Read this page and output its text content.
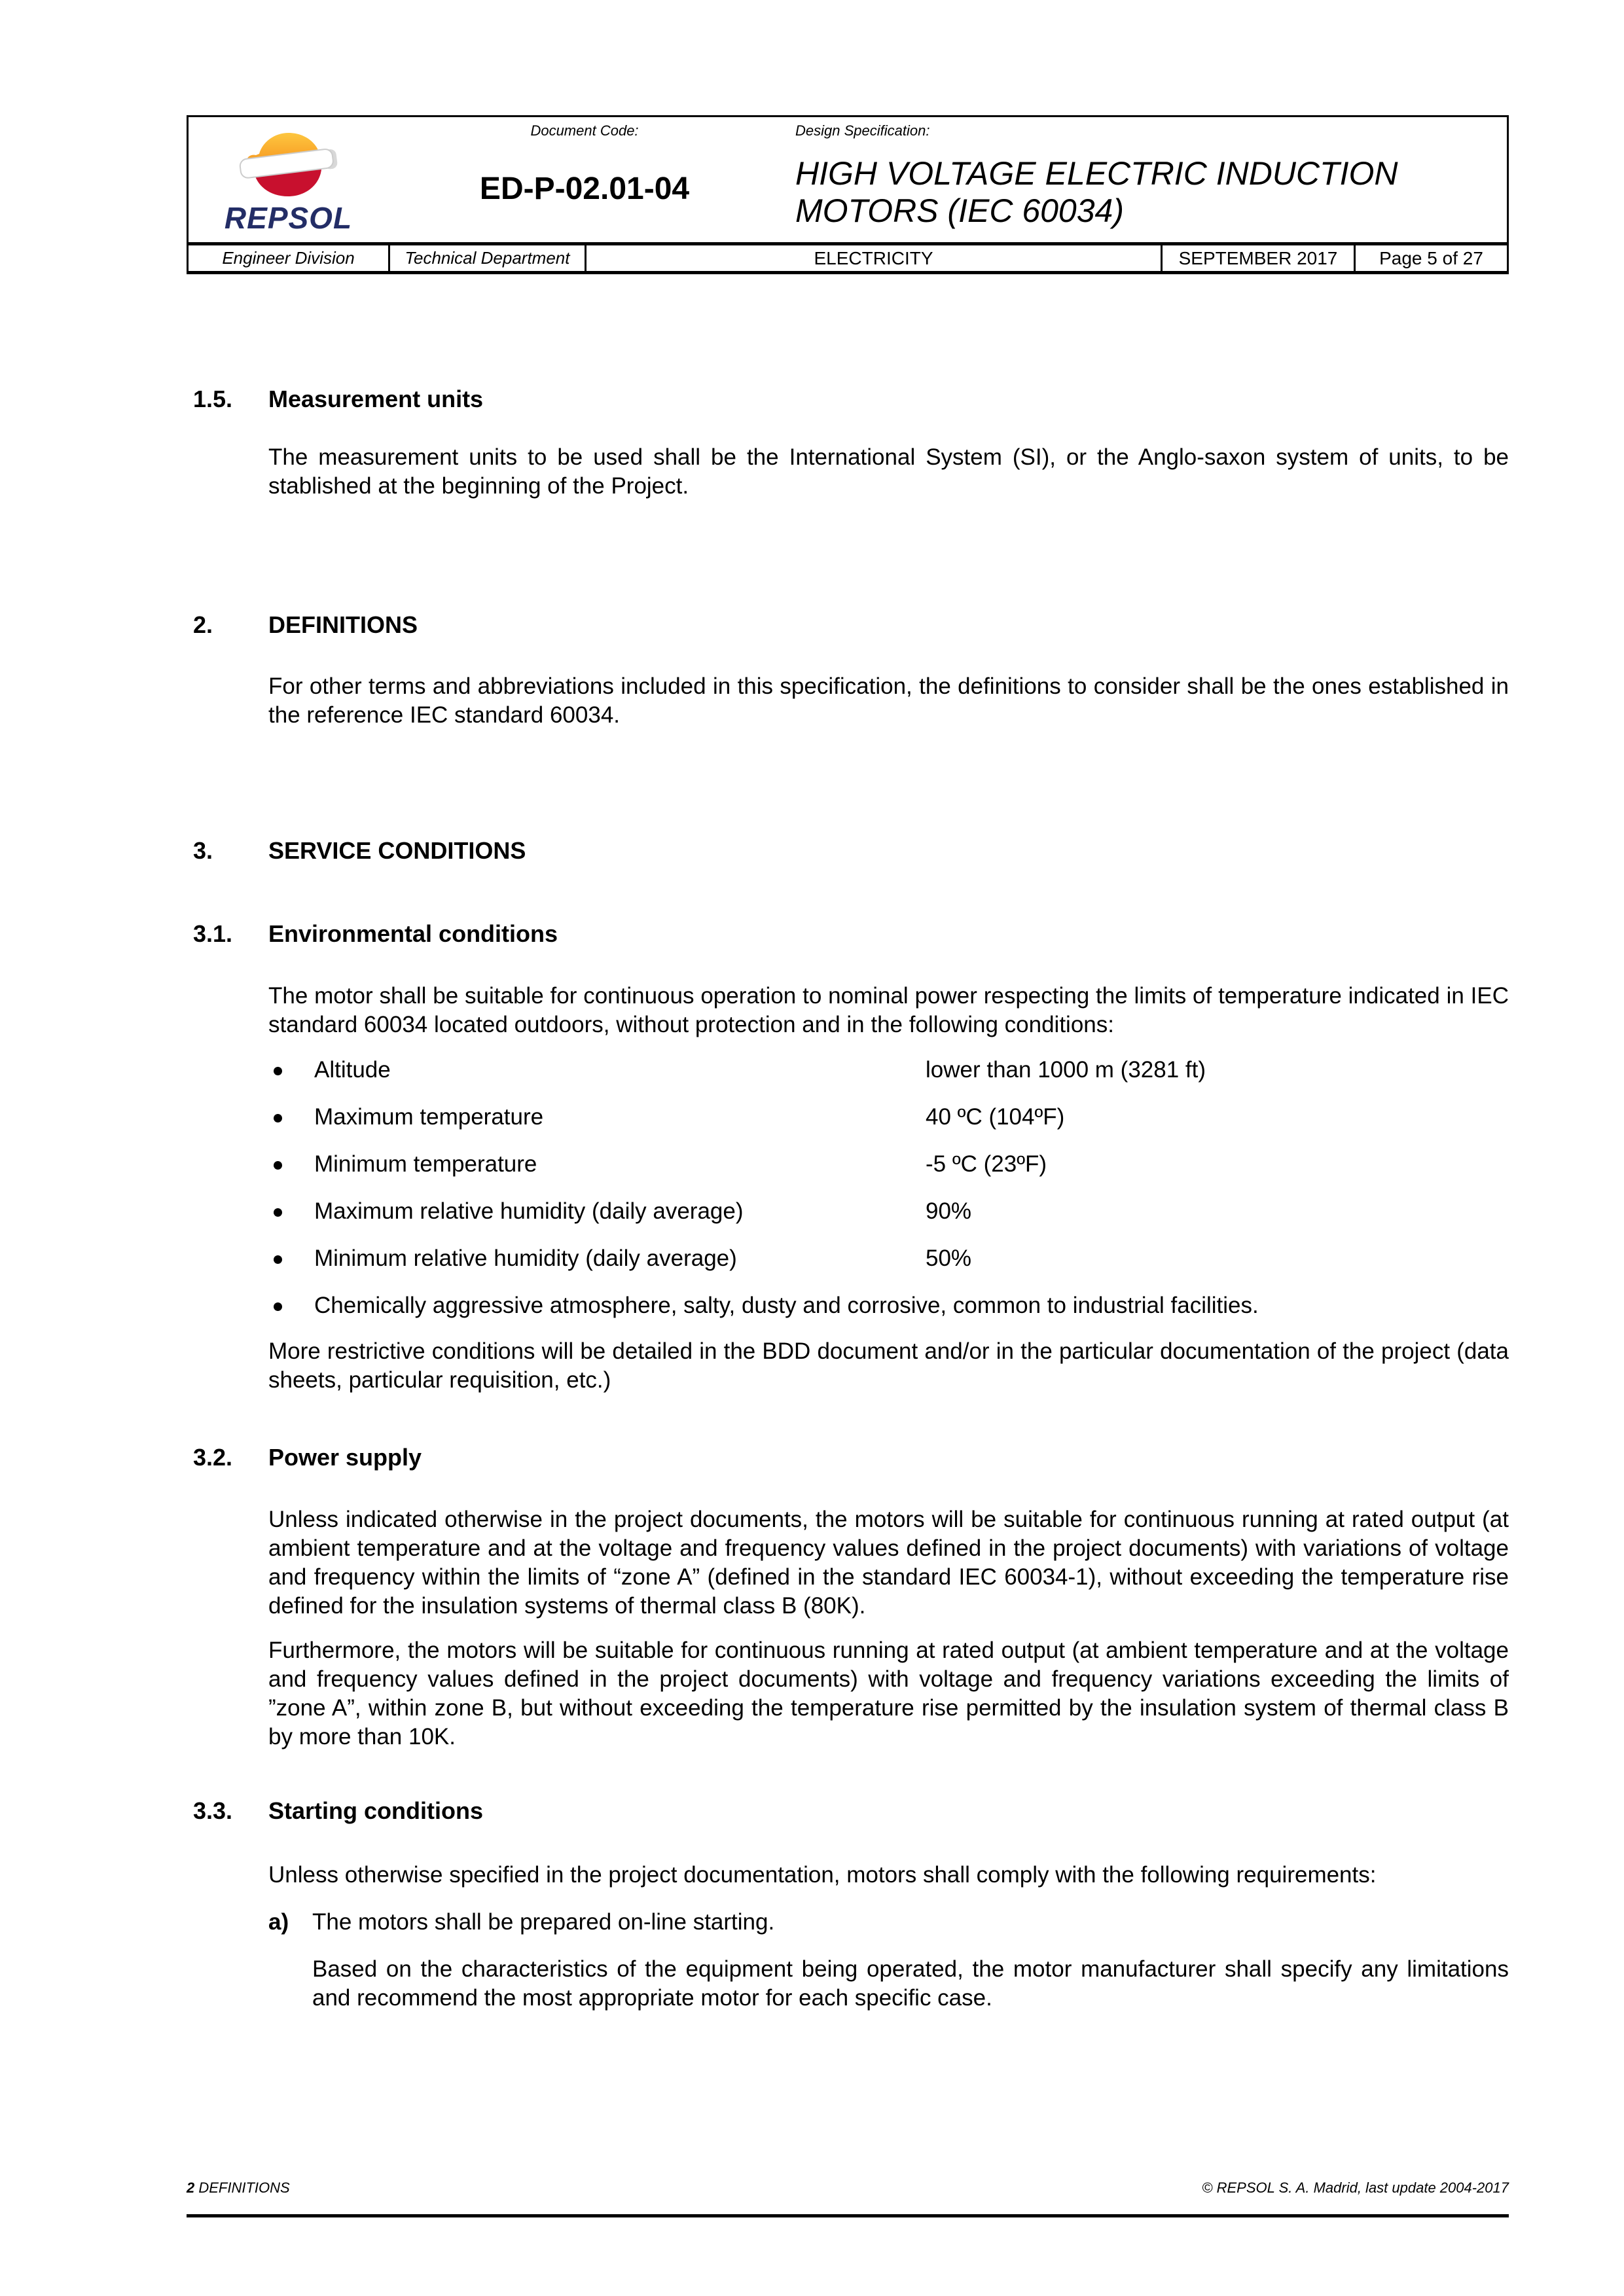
REPSOL
Document Code:
ED-P-02.01-04
Design Specification:
HIGH VOLTAGE ELECTRIC INDUCTION MOTORS (IEC 60034)
Engineer Division	Technical Department	ELECTRICITY	SEPTEMBER 2017	Page 5 of 27
1.5. Measurement units
The measurement units to be used shall be the International System (SI), or the Anglo-saxon system of units, to be stablished at the beginning of the Project.
2. DEFINITIONS
For other terms and abbreviations included in this specification, the definitions to consider shall be the ones established in the reference IEC standard 60034.
3. SERVICE CONDITIONS
3.1. Environmental conditions
The motor shall be suitable for continuous operation to nominal power respecting the limits of temperature indicated in IEC standard 60034 located outdoors, without protection and in the following conditions:
Altitude	lower than 1000 m (3281 ft)
Maximum temperature	40 ºC (104ºF)
Minimum temperature	-5 ºC (23ºF)
Maximum relative humidity (daily average)	90%
Minimum relative humidity (daily average)	50%
Chemically aggressive atmosphere, salty, dusty and corrosive, common to industrial facilities.
More restrictive conditions will be detailed in the BDD document and/or in the particular documentation of the project (data sheets, particular requisition, etc.)
3.2. Power supply
Unless indicated otherwise in the project documents, the motors will be suitable for continuous running at rated output (at ambient temperature and at the voltage and frequency values defined in the project documents) with variations of voltage and frequency within the limits of “zone A” (defined in the standard IEC 60034-1), without exceeding the temperature rise defined for the insulation systems of thermal class B (80K).
Furthermore, the motors will be suitable for continuous running at rated output (at ambient temperature and at the voltage and frequency values defined in the project documents) with voltage and frequency variations exceeding the limits of ”zone A”, within zone B, but without exceeding the temperature rise permitted by the insulation system of thermal class B by more than 10K.
3.3. Starting conditions
Unless otherwise specified in the project documentation, motors shall comply with the following requirements:
a) The motors shall be prepared on-line starting.
Based on the characteristics of the equipment being operated, the motor manufacturer shall specify any limitations and recommend the most appropriate motor for each specific case.
2 DEFINITIONS	© REPSOL S. A. Madrid, last update 2004-2017
